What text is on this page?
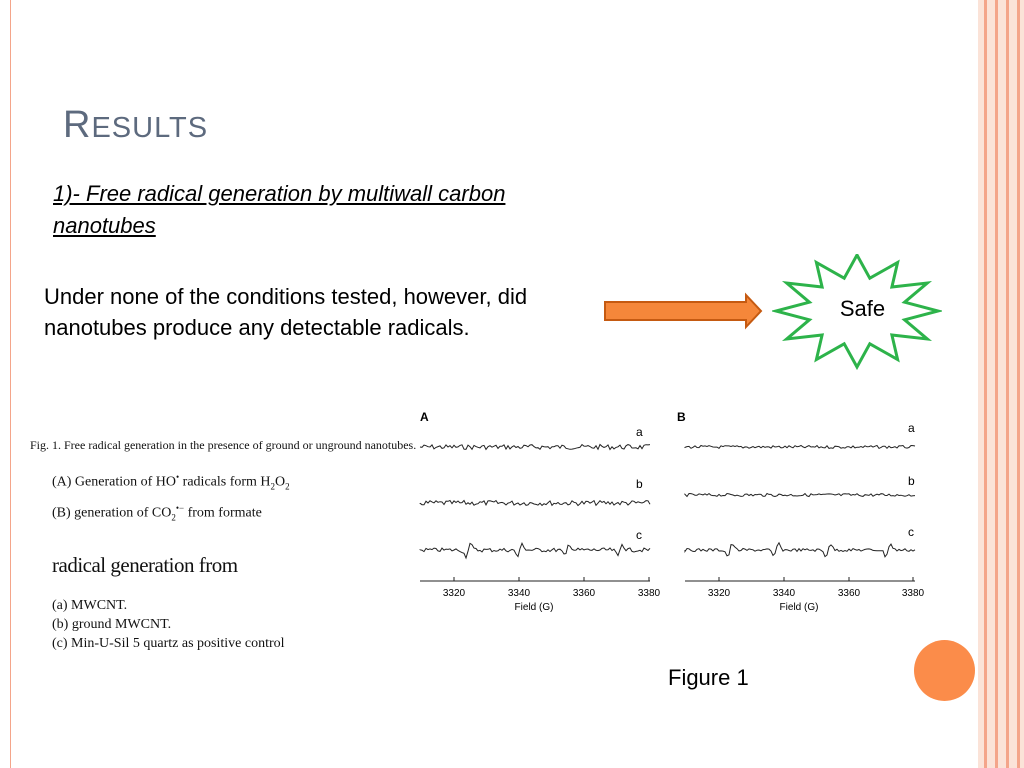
RESULTS
1)- Free radical generation by multiwall carbon nanotubes
Under none of the conditions tested, however, did nanotubes produce any detectable radicals.
Safe
Fig. 1. Free radical generation in the presence of ground or unground nanotubes.
(A) Generation of HO• radicals form $H_2O_2$
(B) generation of $CO_2^{•-}$ from formate
radical generation from
(a) MWCNT.
(b) ground MWCNT.
(c) Min-U-Sil 5 quartz as positive control
A	B
a
b
c
a
b
c
3320	3340	3360	3380	3320	3340	3360	3380
Field (G)	Field (G)
Figure 1
